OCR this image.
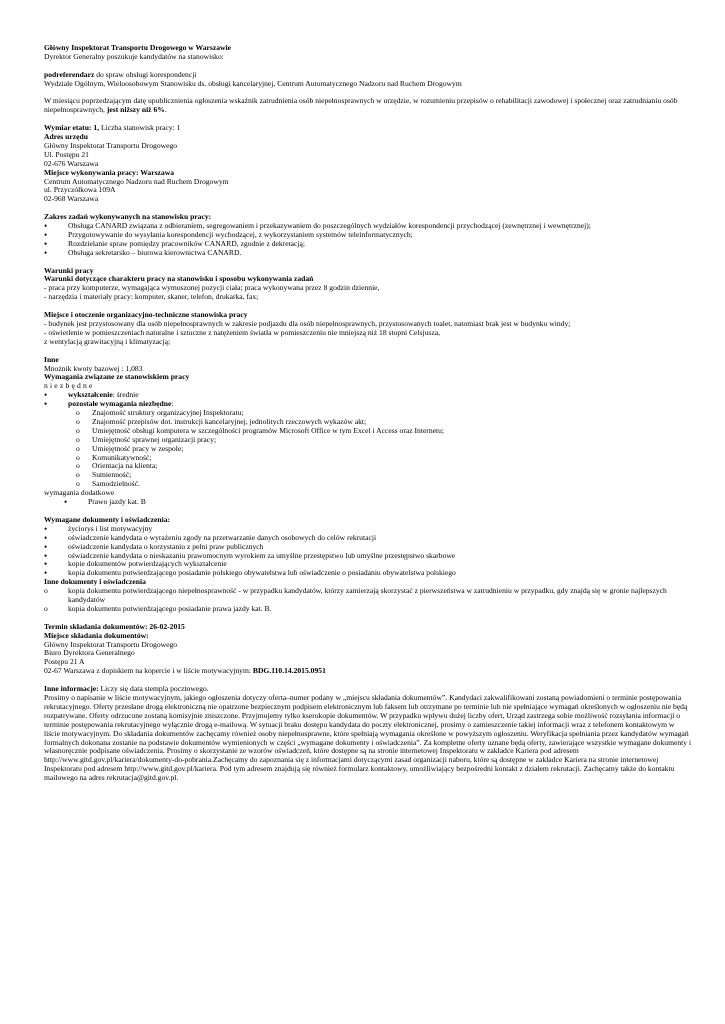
Główny Inspektorat Transportu Drogowego w Warszawie

Dyrektor Generalny poszukuje kandydatów na stanowisko:

podreferendarz do spraw obsługi korespondencji

Wydziale Ogólnym, Wieloosobowym Stanowisku ds. obsługi kancelaryjnej, Centrum Automatycznego Nadzoru nad Ruchem Drogowym

W miesiącu poprzedzającym datę upublicznienia ogłoszenia wskaźnik zatrudnienia osób niepełnosprawnych w urzędzie, w rozumieniu przepisów o rehabilitacji zawodowej i społecznej oraz zatrudnianiu osób niepełnosprawnych, jest niższy niż 6%.

Wymiar etatu: 1, Liczba stanowisk pracy: 1

Adres urzędu

Główny Inspektorat Transportu Drogowego

Ul. Postępu 21

02-676 Warszawa

Miejsce wykonywania pracy: Warszawa

Centrum Automatycznego Nadzoru nad Ruchem Drogowym

ul. Przyczółkowa 109A

02-968 Warszawa

Zakres zadań wykonywanych na stanowisku pracy:

•
Obsługa CANARD związana z odbieraniem, segregowaniem i przekazywaniem do poszczególnych wydziałów korespondencji przychodzącej (zewnętrznej i wewnętrznej);
•
Przygotowywanie do wysyłania korespondencji wychodzącej, z wykorzystaniem systemów teleinformatycznych;
•
Rozdzielanie spraw pomiędzy pracowników CANARD, zgodnie z dekretacją;
•
Obsługa sekretarsko – biurowa kierownictwa CANARD.

Warunki pracy

Warunki dotyczące charakteru pracy na stanowisku i sposobu wykonywania zadań

- praca przy komputerze, wymagająca wymuszonej pozycji ciała; praca wykonywana przez 8 godzin dziennie,

- narzędzia i materiały pracy: komputer, skaner, telefon, drukarka, fax;

Miejsce i otoczenie organizacyjno-techniczne stanowiska pracy

- budynek jest przystosowany dla osób niepełnosprawnych w zakresie podjazdu dla osób niepełnosprawnych, przystosowanych toalet, natomiast brak jest w budynku windy;

- oświetlenie w pomieszczeniach naturalne i sztuczne z natężeniem światła w pomieszczeniu nie mniejszą niż 18 stopni Celsjusza,

z wentylacją grawitacyjną i klimatyzacją;

Inne

Mnożnik kwoty bazowej : 1,083

Wymagania związane ze stanowiskiem pracy

niezbędne

•
wykształcenie: średnie
•
pozostałe wymagania niezbędne:
o
Znajomość struktury organizacyjnej Inspektoratu;
o
Znajomość przepisów dot. instrukcji kancelaryjnej, jednolitych rzeczowych wykazów akt;
o
Umiejętność obsługi komputera w szczególności programów Microsoft Office w tym Excel i Access oraz Internetu;
o
Umiejętność sprawnej organizacji pracy;
o
Umiejętność pracy w zespole;
o
Komunikatywność;
o
Orientacja na klienta;
o
Sumienność;
o
Samodzielność.

wymagania dodatkowe

•
Prawo jazdy kat. B

Wymagane dokumenty i oświadczenia:

•
życiorys i list motywacyjny
•
oświadczenie kandydata o wyrażeniu zgody na przetwarzanie danych osobowych do celów rekrutacji
•
oświadczenie kandydata o korzystaniu z pełni praw publicznych
•
oświadczenie kandydata o nieskazaniu prawomocnym wyrokiem za umyślne przestępstwo lub umyślne przestępstwo skarbowe
•
kopie dokumentów potwierdzających wykształcenie
•
kopia dokumentu potwierdzającego posiadanie polskiego obywatelstwa lub oświadczenie o posiadaniu obywatelstwa polskiego

Inne dokumenty i oświadczenia

o
kopia dokumentu potwierdzającego niepełnosprawność - w przypadku kandydatów, którzy zamierzają skorzystać z pierwszeństwa w zatrudnieniu w przypadku, gdy znajdą się w gronie najlepszych kandydatów
o
kopia dokumentu potwierdzającego posiadanie prawa jazdy kat. B.

Termin składania dokumentów: 26-02-2015

Miejsce składania dokumentów:

Główny Inspektorat Transportu Drogowego

Biuro Dyrektora Generalnego

Postępu 21 A

02-67 Warszawa z dopiskiem na kopercie i w liście motywacyjnym: BDG.110.14.2015.0951

Inne informacje: Liczy się data stempla pocztowego.

Prosimy o napisanie w liście motywacyjnym, jakiego ogłoszenia dotyczy oferta–numer podany w „miejscu składania dokumentów”. Kandydaci zakwalifikowani zostaną powiadomieni o terminie postępowania rekrutacyjnego. Oferty przesłane drogą elektroniczną nie opatrzone bezpiecznym podpisem elektronicznym lub faksem lub otrzymane po terminie lub nie spełniające wymagań określonych w ogłoszeniu nie będą rozpatrywane. Oferty odrzucone zostaną komisyjnie zniszczone. Przyjmujemy tylko kserokopie dokumentów. W przypadku wpływu dużej liczby ofert, Urząd zastrzega sobie możliwość rozsyłania informacji o terminie postępowania rekrutacyjnego wyłącznie drogą e-mailową. W sytuacji braku dostępu kandydata do poczty elektronicznej, prosimy o zamieszczenie takiej informacji wraz z telefonem kontaktowym w liście motywacyjnym. Do składania dokumentów zachęcamy również osoby niepełnosprawne, które spełniają wymagania określone w powyższym ogłoszeniu. Weryfikacja spełniania przez kandydatów wymagań formalnych dokonana zostanie na podstawie dokumentów wymienionych w części „wymagane dokumenty i oświadczenia”. Za kompletne oferty uznane będą oferty, zawierające wszystkie wymagane dokumenty i własnoręcznie podpisane oświadczenia. Prosimy o skorzystanie ze wzorów oświadczeń, które dostępne są na stronie internetowej Inspektoratu w zakładce Kariera pod adresem http://www.gitd.gov.pl/kariera/dokumenty-do-pobrania.Zachęcamy do zapoznania się z informacjami dotyczącymi zasad organizacji naboru, które są dostępne w zakładce Kariera na stronie internetowej Inspektoratu pod adresem http://www.gitd.gov.pl/kariera. Pod tym adresem znajdują się również formularz kontaktowy, umożliwiający bezpośredni kontakt z działem rekrutacji. Zachęcamy także do kontaktu mailowego na adres rekrutacja@gitd.gov.pl.
